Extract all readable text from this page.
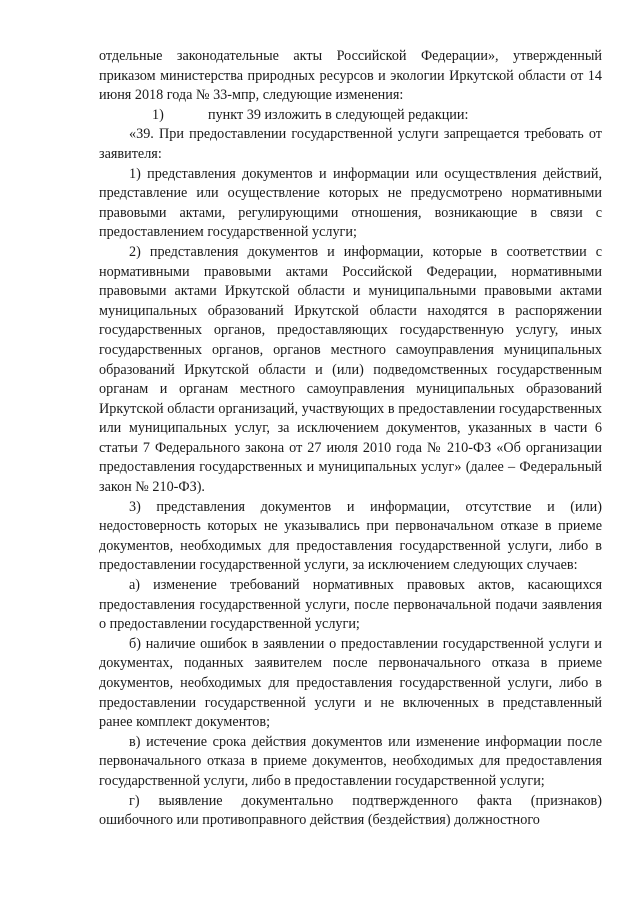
отдельные законодательные акты Российской Федерации», утвержденный приказом министерства природных ресурсов и экологии Иркутской области от 14 июня 2018 года № 33-мпр, следующие изменения:

1)	пункт 39 изложить в следующей редакции:

«39. При предоставлении государственной услуги запрещается требовать от заявителя:

1) представления документов и информации или осуществления действий, представление или осуществление которых не предусмотрено нормативными правовыми актами, регулирующими отношения, возникающие в связи с предоставлением государственной услуги;

2) представления документов и информации, которые в соответствии с нормативными правовыми актами Российской Федерации, нормативными правовыми актами Иркутской области и муниципальными правовыми актами муниципальных образований Иркутской области находятся в распоряжении государственных органов, предоставляющих государственную услугу, иных государственных органов, органов местного самоуправления муниципальных образований Иркутской области и (или) подведомственных государственным органам и органам местного самоуправления муниципальных образований Иркутской области организаций, участвующих в предоставлении государственных или муниципальных услуг, за исключением документов, указанных в части 6 статьи 7 Федерального закона от 27 июля 2010 года № 210-ФЗ «Об организации предоставления государственных и муниципальных услуг» (далее – Федеральный закон № 210-ФЗ).

3) представления документов и информации, отсутствие и (или) недостоверность которых не указывались при первоначальном отказе в приеме документов, необходимых для предоставления государственной услуги, либо в предоставлении государственной услуги, за исключением следующих случаев:

а) изменение требований нормативных правовых актов, касающихся предоставления государственной услуги, после первоначальной подачи заявления о предоставлении государственной услуги;

б) наличие ошибок в заявлении о предоставлении государственной услуги и документах, поданных заявителем после первоначального отказа в приеме документов, необходимых для предоставления государственной услуги, либо в предоставлении государственной услуги и не включенных в представленный ранее комплект документов;

в) истечение срока действия документов или изменение информации после первоначального отказа в приеме документов, необходимых для предоставления государственной услуги, либо в предоставлении государственной услуги;

г) выявление документально подтвержденного факта (признаков) ошибочного или противоправного действия (бездействия) должностного
